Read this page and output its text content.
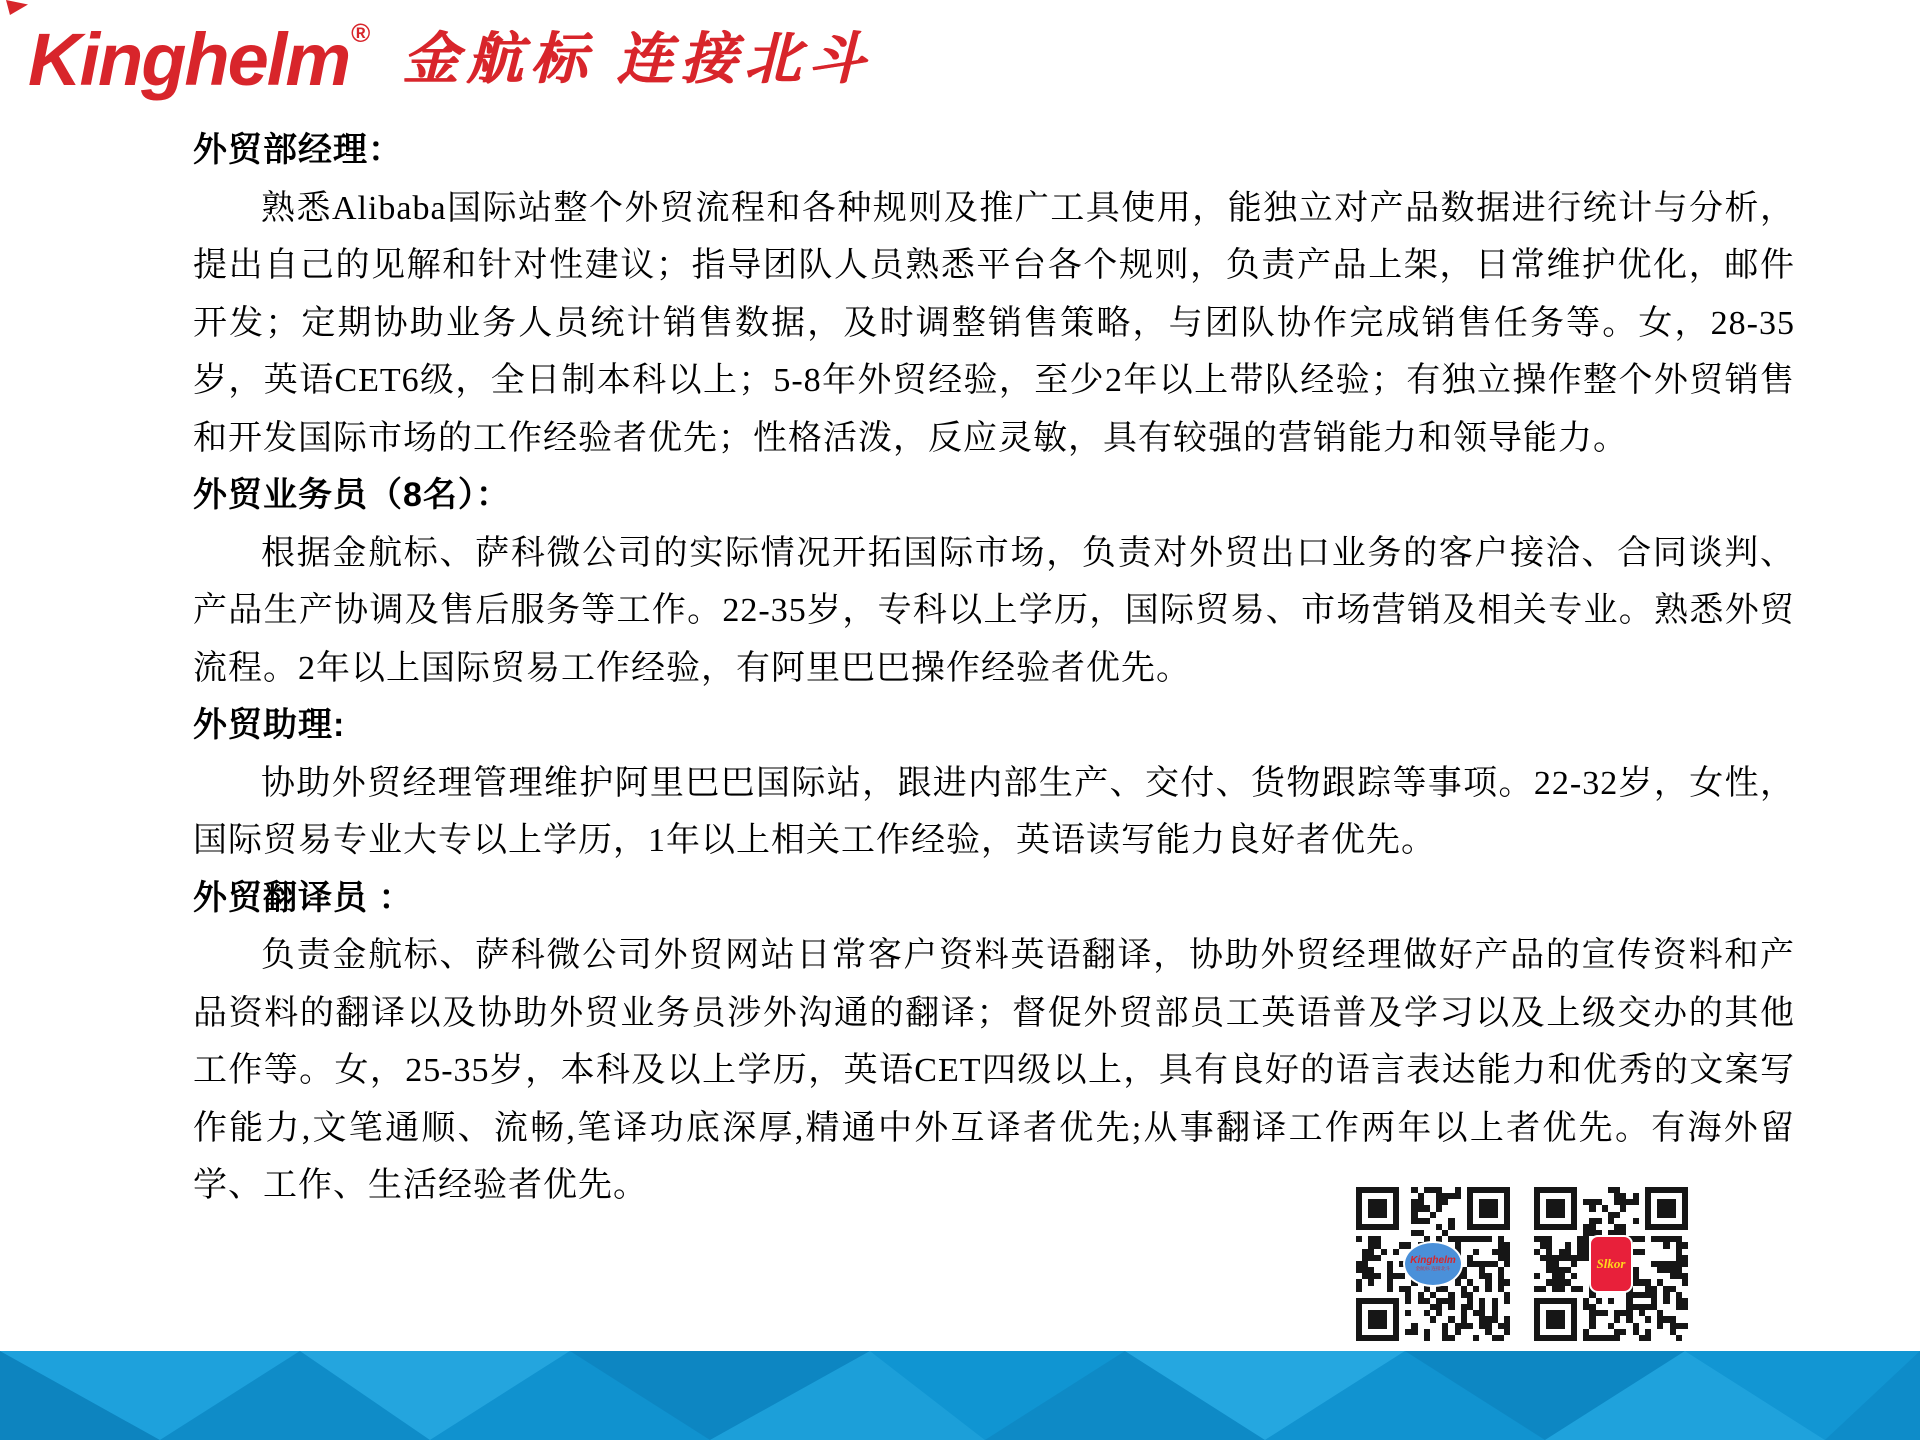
Kinghelm® 金航标 连接北斗
外贸部经理：

熟悉Alibaba国际站整个外贸流程和各种规则及推广工具使用，能独立对产品数据进行统计与分析，提出自己的见解和针对性建议；指导团队人员熟悉平台各个规则，负责产品上架，日常维护优化，邮件开发；定期协助业务人员统计销售数据，及时调整销售策略，与团队协作完成销售任务等。女，28-35岁，英语CET6级，全日制本科以上；5-8年外贸经验，至少2年以上带队经验；有独立操作整个外贸销售和开发国际市场的工作经验者优先；性格活泼，反应灵敏，具有较强的营销能力和领导能力。

外贸业务员（8名）：

根据金航标、萨科微公司的实际情况开拓国际市场，负责对外贸出口业务的客户接洽、合同谈判、产品生产协调及售后服务等工作。22-35岁，专科以上学历，国际贸易、市场营销及相关专业。熟悉外贸流程。2年以上国际贸易工作经验，有阿里巴巴操作经验者优先。

外贸助理:

协助外贸经理管理维护阿里巴巴国际站，跟进内部生产、交付、货物跟踪等事项。22-32岁，女性，国际贸易专业大专以上学历，1年以上相关工作经验，英语读写能力良好者优先。

外贸翻译员 ：

负责金航标、萨科微公司外贸网站日常客户资料英语翻译，协助外贸经理做好产品的宣传资料和产品资料的翻译以及协助外贸业务员涉外沟通的翻译；督促外贸部员工英语普及学习以及上级交办的其他工作等。女，25-35岁，本科及以上学历，英语CET四级以上，具有良好的语言表达能力和优秀的文案写作能力,文笔通顺、流畅,笔译功底深厚,精通中外互译者优先;从事翻译工作两年以上者优先。有海外留学、工作、生活经验者优先。

Kinghelm
金航标 连接北斗	Slkor
